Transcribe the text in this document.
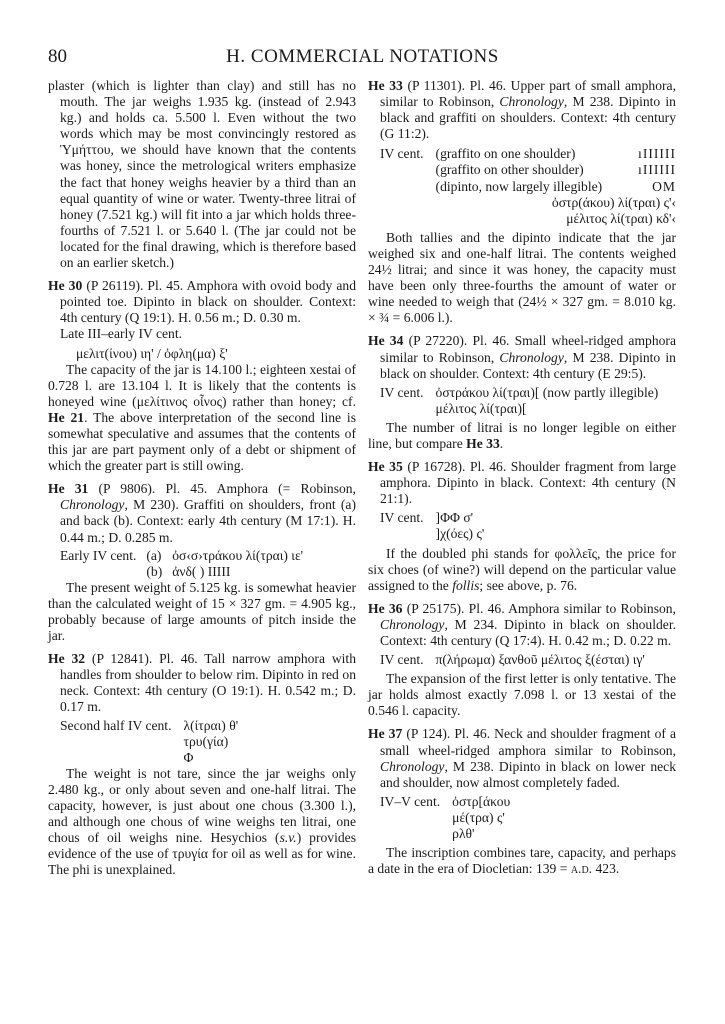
80	H. COMMERCIAL NOTATIONS

plaster (which is lighter than clay) and still has no mouth. The jar weighs 1.935 kg. (instead of 2.943 kg.) and holds ca. 5.500 l. Even without the two words which may be most convincingly restored as Ὑμήττου, we should have known that the contents was honey, since the metrological writers emphasize the fact that honey weighs heavier by a third than an equal quantity of wine or water. Twenty-three litrai of honey (7.521 kg.) will fit into a jar which holds three-fourths of 7.521 l. or 5.640 l. (The jar could not be located for the final drawing, which is therefore based on an earlier sketch.)

He 30 (P 26119). Pl. 45. Amphora with ovoid body and pointed toe. Dipinto in black on shoulder. Context: 4th century (Q 19:1). H. 0.56 m.; D. 0.30 m.

Late III–early IV cent.

μελιτ(ίνου) ιη' / ὀφλη(μα) ξ'

The capacity of the jar is 14.100 l.; eighteen xestai of 0.728 l. are 13.104 l. It is likely that the contents is honeyed wine (μελίτινος οἶνος) rather than honey; cf. He 21. The above interpretation of the second line is somewhat speculative and assumes that the contents of this jar are part payment only of a debt or shipment of which the greater part is still owing.

He 31 (P 9806). Pl. 45. Amphora (= Robinson, Chronology, M 230). Graffiti on shoulders, front (a) and back (b). Context: early 4th century (M 17:1). H. 0.44 m.; D. 0.285 m.

Early IV cent.	(a)	ὀσ‹σ›τράκου λί(τραι) ιε'
	(b)	ἀνδ( ) IIIII

The present weight of 5.125 kg. is somewhat heavier than the calculated weight of 15 × 327 gm. = 4.905 kg., probably because of large amounts of pitch inside the jar.

He 32 (P 12841). Pl. 46. Tall narrow amphora with handles from shoulder to below rim. Dipinto in red on neck. Context: 4th century (O 19:1). H. 0.542 m.; D. 0.17 m.

Second half IV cent. λ(ίτραι) θ'
τρυ(γία)
Φ

The weight is not tare, since the jar weighs only 2.480 kg., or only about seven and one-half litrai. The capacity, however, is just about one chous (3.300 l.), and although one chous of wine weighs ten litrai, one chous of oil weighs nine. Hesychios (s.v.) provides evidence of the use of τρυγία for oil as well as for wine. The phi is unexplained.

He 33 (P 11301). Pl. 46. Upper part of small amphora, similar to Robinson, Chronology, M 238. Dipinto in black and graffiti on shoulders. Context: 4th century (G 11:2).

IV cent. (graffito on one shoulder)	ıIIIIII
(graffito on other shoulder)	ıIIIIII
(dipinto, now largely illegible)	OM
ὀστρ(άκου) λί(τραι) ς'‹
μέλιτος λί(τραι) κδ'‹

Both tallies and the dipinto indicate that the jar weighed six and one-half litrai. The contents weighed 24½ litrai; and since it was honey, the capacity must have been only three-fourths the amount of water or wine needed to weigh that (24½ × 327 gm. = 8.010 kg. × ¾ = 6.006 l.).

He 34 (P 27220). Pl. 46. Small wheel-ridged amphora similar to Robinson, Chronology, M 238. Dipinto in black on shoulder. Context: 4th century (E 29:5).

IV cent. ὀστράκου λί(τραι)[ (now partly illegible)
μέλιτος λί(τραι)[

The number of litrai is no longer legible on either line, but compare He 33.

He 35 (P 16728). Pl. 46. Shoulder fragment from large amphora. Dipinto in black. Context: 4th century (N 21:1).

IV cent. ]ΦΦ σ'
]χ(όες) ς'

If the doubled phi stands for φολλεῖς, the price for six choes (of wine?) will depend on the particular value assigned to the follis; see above, p. 76.

He 36 (P 25175). Pl. 46. Amphora similar to Robinson, Chronology, M 234. Dipinto in black on shoulder. Context: 4th century (Q 17:4). H. 0.42 m.; D. 0.22 m.

IV cent. π(λήρωμα) ξανθοῦ μέλιτος ξ(έσται) ιγ'

The expansion of the first letter is only tentative. The jar holds almost exactly 7.098 l. or 13 xestai of the 0.546 l. capacity.

He 37 (P 124). Pl. 46. Neck and shoulder fragment of a small wheel-ridged amphora similar to Robinson, Chronology, M 238. Dipinto in black on lower neck and shoulder, now almost completely faded.

IV–V cent. ὀστρ[άκου
μέ(τρα) ς'
ρλθ'

The inscription combines tare, capacity, and perhaps a date in the era of Diocletian: 139 = a.d. 423.
